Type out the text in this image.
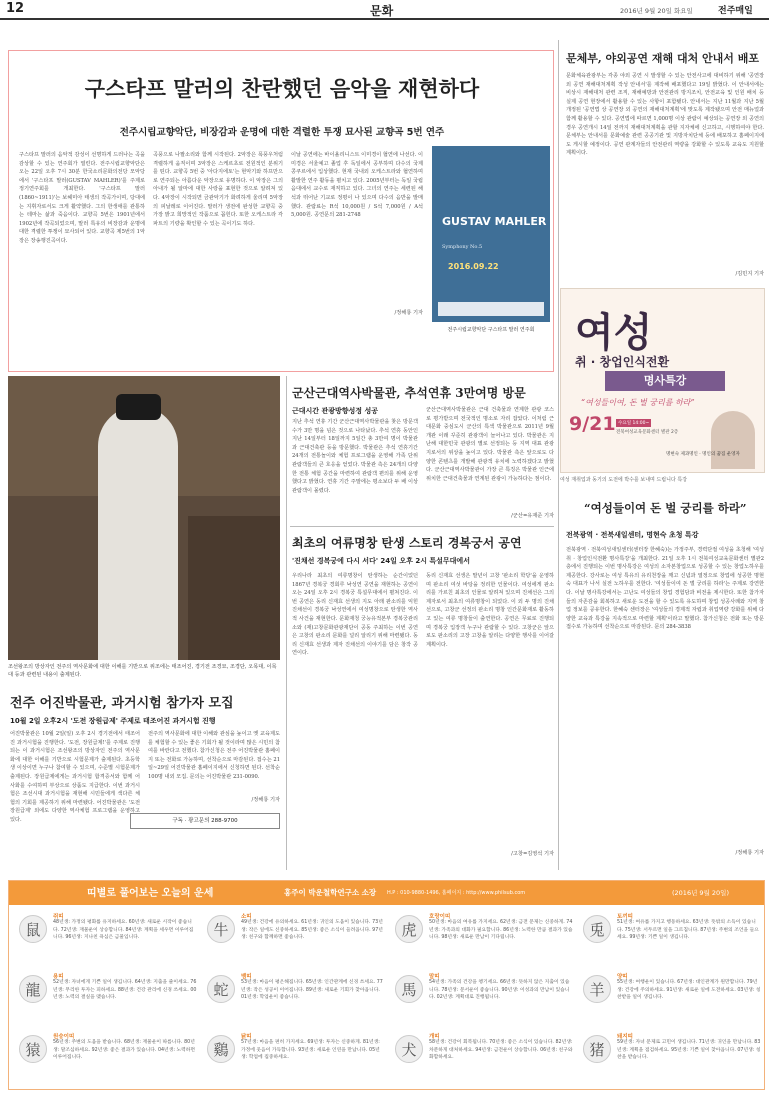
12	문화	2016년 9월 20일 화요일	전주매일
구스타프 말러의 찬란했던 음악을 재현하다
전주시립교향악단, 비장감과 운명에 대한 격렬한 투쟁 묘사된 교향곡 5번 연주
구스타프 말러의 음악적 감성이 선명하게 드러나는 곡을 감상할 수 있는 연주회가 열린다. 전주시립교향악단은 오는 22일 오후 7시 30분 한국소리문화의전당 모악당에서 '구스타프 말러(GUSTAV MAHLER)'를 주제로 정기연주회를 개최한다. '구스타프 말러(1860~1911)'는 보헤미아 태생의 작곡가이며, 당대에는 지휘자로서도 크게 활약했다. 그의 한생애를 관통하는 테마는 삶과 죽음이다. 교향곡 5번은 1901년에서 1902년에 작곡되었으며, 말러 특유의 비장감과 운명에 대한 격렬한 투쟁이 묘사되어 있다. 교향곡 제5번의 1악장은 장송행진곡이다.
곡풍으로 나팔소리와 함께 시작된다. 2악장은 폭풍우처럼 격렬하게 움직이며 3악장은 스케르초로 전원적인 분위기를 띤다. 교향곡 5번 중 '아다지에토'는 현악기와 하프만으로 연주되는 아름다운 악장으로 유명하다. 이 악장은 그의 아내가 될 알마에 대한 사랑을 표현한 것으로 알려져 있다. 4악장이 시작되면 금관악기가 화려하게 울리며 5악장의 피날레로 이어진다. 말러가 생전에 완성한 교향곡 중 가장 밝고 희망적인 작품으로 꼽힌다. 또한 오케스트라 각 파트의 기량을 확인할 수 있는 곡이기도 하다.
이날 공연에는 바이올리니스트 이미경이 협연에 나선다. 이미경은 서울예고 졸업 후 독일에서 공부하며 다수의 국제 콩쿠르에서 입상했다. 현재 국내외 오케스트라와 협연하며 활발한 연주 활동을 펼치고 있다. 2005년부터는 독일 국립음대에서 교수로 재직하고 있다. 그녀의 연주는 세련된 해석과 뛰어난 기교로 정평이 나 있으며 다수의 음반을 발매했다. 관람료는 R석 10,000원 / S석 7,000원 / A석 5,000원. 공연문의 281-2748
/정해룡 기자
GUSTAV MAHLER
Symphony No.5
2016.09.22
전주시립교향악단 구스타프 말러 연주회
문체부, 야외공연 재해 대처 안내서 배포
문화체육관광부는 각종 야외 공연 시 발생할 수 있는 안전사고에 대비하기 위해 '공연장 외 공연 재해대처계획 작성 안내서'를 제작해 배포했다고 19일 밝혔다. 이 안내서에는 비상시 재해대처 관련 조직, 재해예방과 안전관리 방지조치, 안전교육 및 인원 배치 등 실제 공연 현장에서 활용할 수 있는 사항이 포함됐다. 안내서는 지난 11월과 지난 5월 개정된 '공연법 상 공연장 외 공연의 재해대처계획'에 맞도록 제작됐으며 안전 매뉴얼과 함께 활용할 수 있다. 공연법에 따르면 1,000명 이상 관람이 예상되는 공연장 외 공연의 경우 공연개시 14일 전까지 재해대처계획을 관할 지자체에 신고하고, 시행하여야 한다. 문체부는 안내서를 문화예술 관련 공공기관 및 지방자치단체 등에 배포하고 홈페이지에도 게시할 예정이다. 공연 관계자들의 안전관리 역량을 강화할 수 있도록 교육도 지원할 계획이다.
/김민지 기자
여성
취 · 창업인식전환
명사특강
“여성들이여, 돈 벌 궁리를 하라”
9/21 수요일 14:00~
전북여성교육문화센터 별관 2층
명현숙 제과명인 · 명인의 꿈집 운영자
여성 재취업과 동기의 도전에 박수를 보내며 드립니다 특강
“여성들이여 돈 벌 궁리를 하라”
전북광역 · 전북새일센터, 명현숙 초청 특강
전북광역 · 전북여성새일센터(센터장 한혜숙)는 가정주부, 경력단절 여성을 초청해 '여성 취 · 창업인식전환 명사특강'을 개최한다. 21일 오후 1시 전북여성교육문화센터 별관2층에서 진행되는 이번 명사특강은 여성의 소자본창업으로 성공할 수 있는 창업노하우를 제공한다. 강사로는 여성 특유의 유리천장을 깨고 신념과 열정으로 창업에 성공한 명현숙 대표가 나서 실전 노하우를 전한다. '여성들이여 돈 벌 궁리를 하라'는 주제로 강연한다. 이날 명사특강에서는 고난도 여성들의 창업 경험담과 비전을 제시한다. 또한 참가자들의 자존감을 회복하고 새로운 도전을 할 수 있도록 유도하며 창업 성공사례와 지역 창업 정보를 공유한다. 한혜숙 센터장은 '여성들의 경제적 자립과 취업역량 강화를 위해 다양한 교육과 특강을 지속적으로 마련할 계획'이라고 말했다. 참가신청은 전화 또는 방문 접수로 가능하며 선착순으로 마감된다. 문의 284-3838
/정해룡 기자
군산근대역사박물관, 추석연휴 3만여명 방문
근대시간 관광방향성정 성공
지난 추석 연휴 기간 군산근대역사박물관을 찾은 방문객 수가 3만 명을 넘은 것으로 나타났다. 추석 연휴 동안인 지난 14일부터 18일까지 5일간 총 3만여 명이 박물관과 근대건축관 등을 방문했다. 박물관은 추석 연휴기간 24개의 전통놀이와 체험 프로그램을 운영해 가족 단위 관람객들의 큰 호응을 얻었다. 박물관 측은 24개의 다양한 전통 체험 공간을 마련하여 관람객 편의를 위해 운영했다고 밝혔다. 연휴 기간 주말에는 평소보다 두 배 이상 관람객이 몰렸다.
군산근대역사박물관은 근대 건축물과 연계한 관광 코스로 평가받으며 전국적인 명소로 자리 잡았다. 이처럼 근대문화 중심도시 군산의 특색 박물관으로 2011년 9월 개관 이래 꾸준히 관광객이 늘어나고 있다. 박물관은 지난해 대한민국 관광의 별로 선정되는 등 지역 대표 관광지로서의 위상을 높이고 있다. 박물관 측은 앞으로도 다양한 콘텐츠를 개발해 관광객 유치에 노력하겠다고 밝혔다. 군산근대역사박물관이 가장 큰 특징은 박물관 인근에 위치한 근대건축물과 연계된 관광이 가능하다는 점이다.
/군산=유재준 기자
조선왕조의 방상자인 전주의 역사문화에 대한 이해를 기반으로 위조에는 태조어진, 경기전 조경묘, 조경단, 오목대, 이목대 등과 관련된 내용이 출제된다.
전주 어진박물관, 과거시험 참가자 모집
10월 2일 오후2시 '도전 장원급제' 주제로 태조어진 과거시험 진행
어진박물관은 10월 2일(일) 오후 2시 경기전에서 태조어진 과거시험을 진행한다. '도전, 장원급제!'를 주제로 진행되는 이 과거시험은 조선왕조의 방상자인 전주의 역사문화에 대한 이해를 기반으로 시험문제가 출제된다. 초등학생 이상이면 누구나 참여할 수 있으며, 수준별 시험문제가 출제된다. 장원급제에게는 과거시험 합격증서와 함께 어사화를 수여하며 부상으로 상품도 지급한다. 이번 과거시험은 조선시대 과거시험을 재현해 시민들에게 색다른 체험의 기회를 제공하기 위해 마련됐다. 어진박물관은 '도전 장원급제' 외에도 다양한 역사체험 프로그램을 운영하고 있다.
전주의 역사문화에 대한 이해와 관심을 높이고 옛 교육제도를 체험할 수 있는 좋은 기회가 될 것이라며 많은 시민의 참여를 바란다고 전했다. 참가신청은 전주 어진박물관 홈페이지 또는 전화로 가능하며, 선착순으로 마감된다. 접수는 21일~29일 어진박물관 홈페이지에서 신청하면 된다. 선착순 100명 내외 모집. 문의는 어진박물관 231-0090.
/정해룡 기자
구독 · 광고문의 288-9700
최초의 여류명창 탄생 스토리 경복궁서 공연
'진채선 경복궁에 다시 서다' 24일 오후 2시 특설무대에서
우리나라 최초의 여류명창이 탄생하는 순간이었던 1867년 경복궁 경회루 낙성연 공연을 재현하는 공연이 오는 24일 오후 2시 경복궁 특설무대에서 펼쳐진다. 이번 공연은 동리 신재효 선생의 지도 아래 판소리를 익힌 진채선이 경복궁 낙성연에서 여성명창으로 탄생한 역사적 사건을 재현한다. 문화재청 궁능유적본부 경복궁관리소와 (재)고창문화관광재단이 공동 주최하는 이번 공연은 고창의 판소리 문화를 널리 알리기 위해 마련됐다. 동리 신재효 선생과 제자 진채선의 이야기를 담은 창작 공연이다.
동리 신재효 선생은 말년이 고창 '판소리 학당'을 운영하며 판소리 여섯 바탕을 정리한 인물이다. 여성에게 판소리를 가르친 최초의 인물로 알려져 있으며 진채선은 그의 제자로서 최초의 여류명창이 되었다. 이 외 두 명의 진채선으로, 고창군 선정의 판소리 명창 인간문화재로 활동하고 있는 여류 명창들이 출연한다. 공연은 무료로 진행되며 경복궁 입장객 누구나 관람할 수 있다. 고창군은 앞으로도 판소리의 고장 고창을 알리는 다양한 행사를 이어갈 계획이다.
/고창=김영석 기자
띠별로 풀어보는 오늘의 운세	홍주이 박운철학연구소 소장 H.P : 010-9880-1496, 홈페이지 : http://www.philsub.com	(2016년 9월 20일)
鼠
쥐띠
48년생: 가정의 평화를 유지하세요. 60년생: 새로운 시작이 좋습니다. 72년생: 재물운이 상승합니다. 84년생: 계획을 세우면 이루어집니다. 96년생: 지나친 욕심은 금물입니다.	牛
소띠
49년생: 건강에 유의하세요. 61년생: 귀인의 도움이 있습니다. 73년생: 작은 일에도 신중하세요. 85년생: 좋은 소식이 들려옵니다. 97년생: 친구와 함께하면 좋습니다.	虎
호랑이띠
50년생: 마음의 여유를 가지세요. 62년생: 금전 문제는 신중하게. 74년생: 가족과의 대화가 필요합니다. 86년생: 노력한 만큼 결과가 있습니다. 98년생: 새로운 만남이 기다립니다.	兎
토끼띠
51년생: 여유를 가지고 행동하세요. 63년생: 뜻밖의 소득이 있습니다. 75년생: 서두르면 일을 그르칩니다. 87년생: 주변의 조언을 들으세요. 99년생: 기쁜 일이 생깁니다.
龍
용띠
52년생: 자녀에게 기쁜 일이 생깁니다. 64년생: 지출을 줄이세요. 76년생: 무리한 투자는 피하세요. 88년생: 건강 관리에 신경 쓰세요. 00년생: 노력의 결실을 맺습니다.	蛇
뱀띠
53년생: 마음이 평온해집니다. 65년생: 인간관계에 신경 쓰세요. 77년생: 작은 성공이 이어집니다. 89년생: 새로운 기회가 찾아옵니다. 01년생: 학업운이 좋습니다.	馬
말띠
54년생: 가족의 건강을 챙기세요. 66년생: 뜻하지 않은 지출이 있습니다. 78년생: 문서운이 좋습니다. 90년생: 이성과의 만남이 있습니다. 02년생: 계획대로 진행됩니다.	羊
양띠
55년생: 여행운이 있습니다. 67년생: 대인관계가 원만합니다. 79년생: 건강에 주의하세요. 91년생: 새로운 일에 도전하세요. 03년생: 칭찬받을 일이 생깁니다.
猿
원숭이띠
56년생: 주변의 도움을 받습니다. 68년생: 재물운이 따릅니다. 80년생: 말조심하세요. 92년생: 좋은 결과가 있습니다. 04년생: 노력하면 이루어집니다.	鷄
닭띠
57년생: 마음을 편히 가지세요. 69년생: 투자는 신중하게. 81년생: 가정에 웃음이 가득합니다. 93년생: 새로운 인연을 만납니다. 05년생: 학업에 집중하세요.	犬
개띠
58년생: 건강이 회복됩니다. 70년생: 좋은 소식이 있습니다. 82년생: 차분하게 대처하세요. 94년생: 금전운이 상승합니다. 06년생: 친구와 화합하세요.	猪
돼지띠
59년생: 자녀 문제로 고민이 생깁니다. 71년생: 귀인을 만납니다. 83년생: 계획을 점검하세요. 95년생: 기쁜 일이 찾아옵니다. 07년생: 칭찬을 받습니다.
